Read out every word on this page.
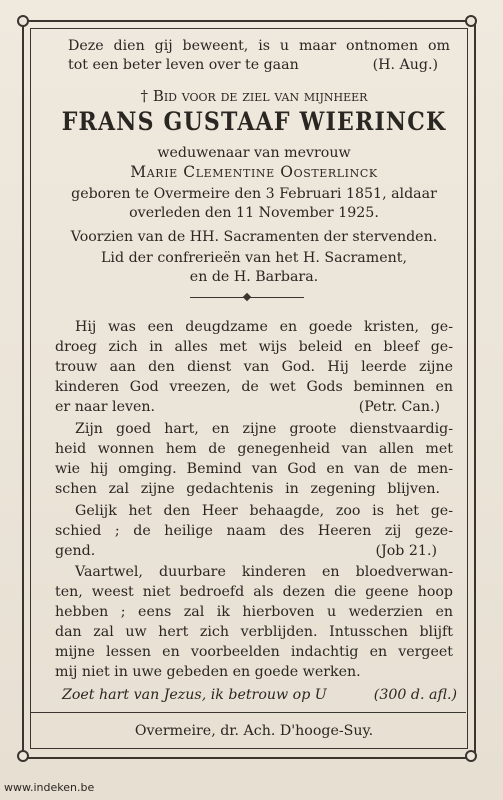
Deze dien gij beweent, is u maar ontnomen om
tot een beter leven over te gaan	(H. Aug.)
† Bid voor de ziel van mijnheer
FRANS GUSTAAF WIERINCK
weduwenaar van mevrouw
Marie Clementine Oosterlinck
geboren te Overmeire den 3 Februari 1851, aldaar
overleden den 11 November 1925.
Voorzien van de HH. Sacramenten der stervenden.
Lid der confrerieën van het H. Sacrament,
en de H. Barbara.
Hij was een deugdzame en goede kristen, ge-
droeg zich in alles met wijs beleid en bleef ge-
trouw aan den dienst van God. Hij leerde zijne
kinderen God vreezen, de wet Gods beminnen en
er naar leven.	(Petr. Can.)
Zijn goed hart, en zijne groote dienstvaardig-
heid wonnen hem de genegenheid van allen met
wie hij omging. Bemind van God en van de men-
schen zal zijne gedachtenis in zegening blijven.
Gelijk het den Heer behaagde, zoo is het ge-
schied ; de heilige naam des Heeren zij geze-
gend.	(Job 21.)
Vaartwel, duurbare kinderen en bloedverwan-
ten, weest niet bedroefd als dezen die geene hoop
hebben ; eens zal ik hierboven u wederzien en
dan zal uw hert zich verblijden. Intusschen blijft
mijne lessen en voorbeelden indachtig en vergeet
mij niet in uwe gebeden en goede werken.
Zoet hart van Jezus, ik betrouw op U	(300 d. afl.)
Overmeire, dr. Ach. D'hooge-Suy.
www.indeken.be
